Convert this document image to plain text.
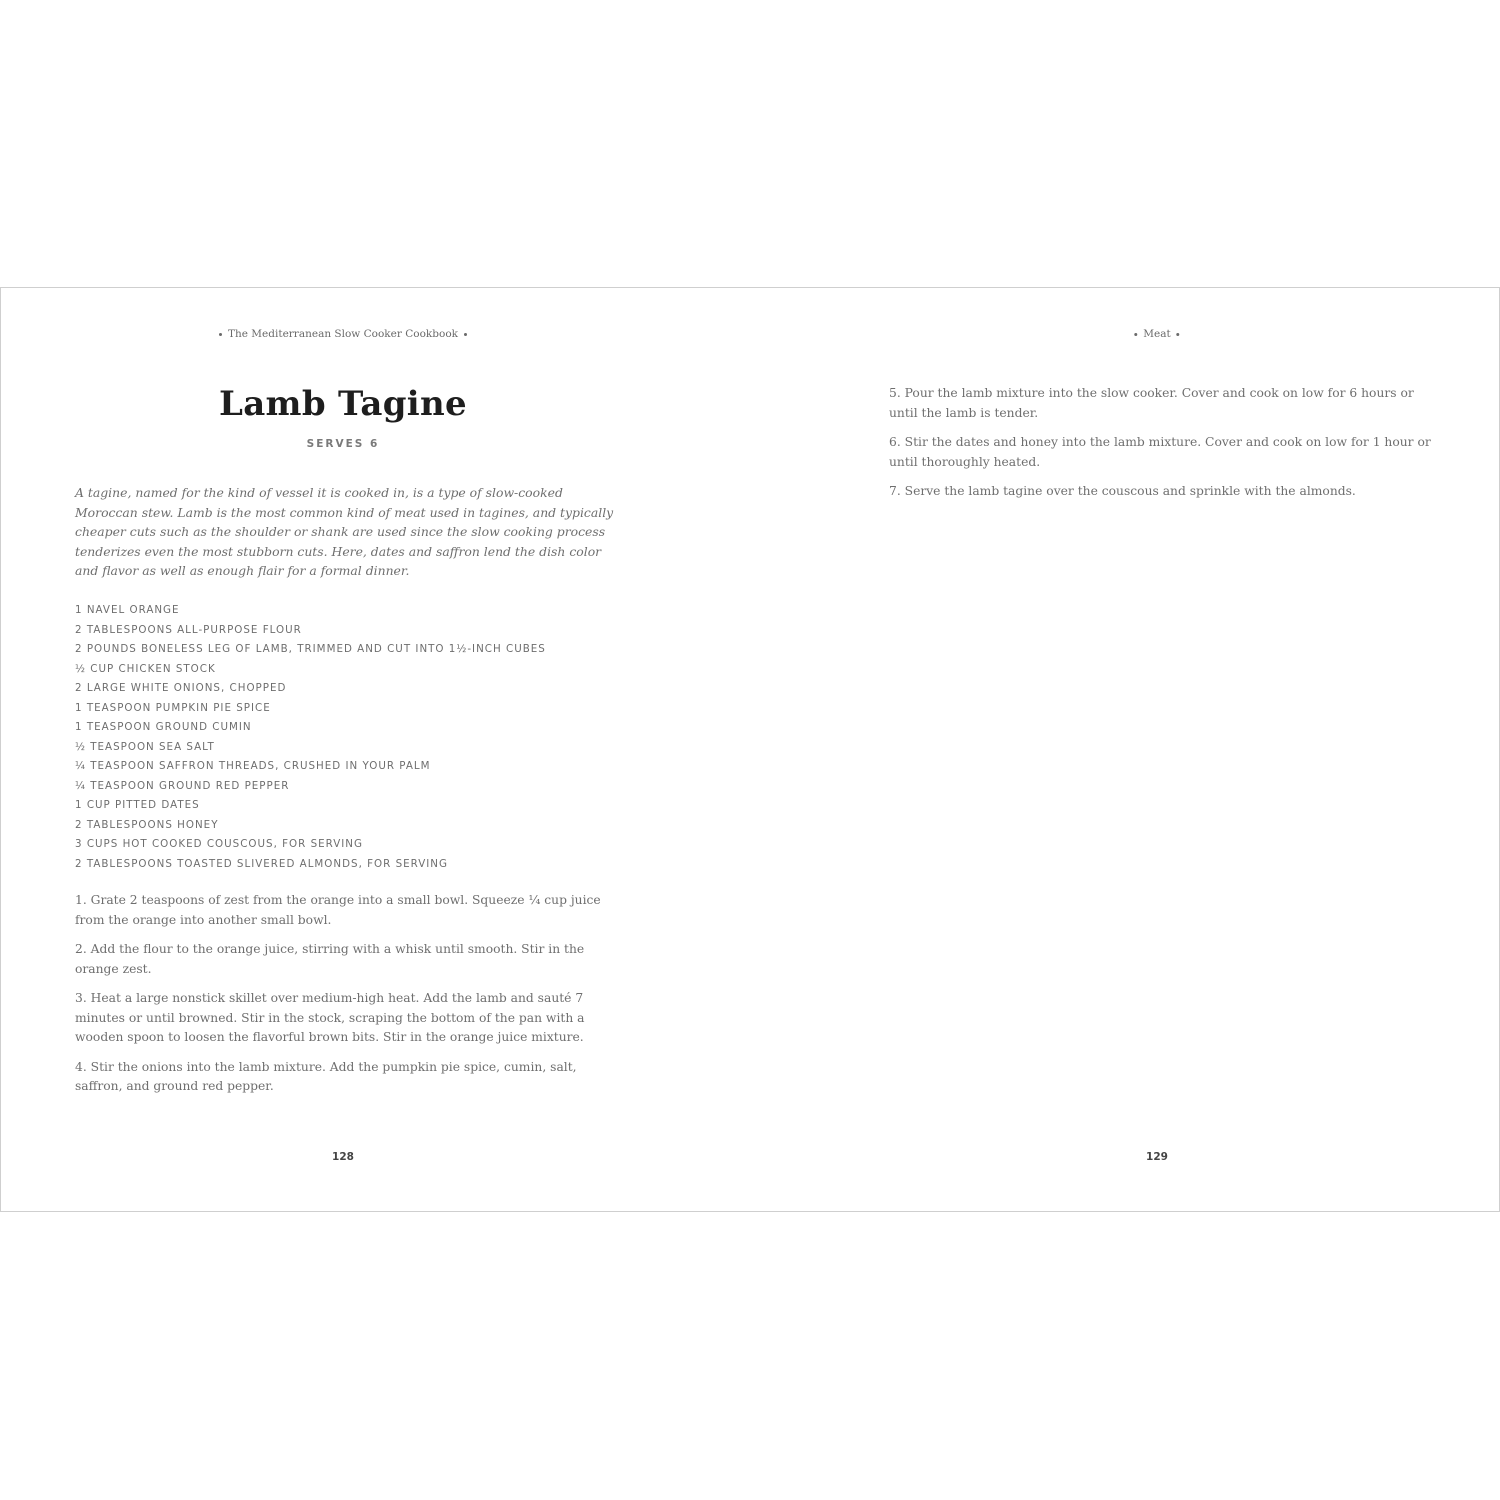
The Mediterranean Slow Cooker Cookbook
Lamb Tagine
SERVES 6

A tagine, named for the kind of vessel it is cooked in, is a type of slow-cooked Moroccan stew. Lamb is the most common kind of meat used in tagines, and typically cheaper cuts such as the shoulder or shank are used since the slow cooking process tenderizes even the most stubborn cuts. Here, dates and saffron lend the dish color and flavor as well as enough flair for a formal dinner.

1 NAVEL ORANGE
2 TABLESPOONS ALL-PURPOSE FLOUR
2 POUNDS BONELESS LEG OF LAMB, TRIMMED AND CUT INTO 1½-INCH CUBES
½ CUP CHICKEN STOCK
2 LARGE WHITE ONIONS, CHOPPED
1 TEASPOON PUMPKIN PIE SPICE
1 TEASPOON GROUND CUMIN
½ TEASPOON SEA SALT
¼ TEASPOON SAFFRON THREADS, CRUSHED IN YOUR PALM
¼ TEASPOON GROUND RED PEPPER
1 CUP PITTED DATES
2 TABLESPOONS HONEY
3 CUPS HOT COOKED COUSCOUS, FOR SERVING
2 TABLESPOONS TOASTED SLIVERED ALMONDS, FOR SERVING
1. Grate 2 teaspoons of zest from the orange into a small bowl. Squeeze ¼ cup juice from the orange into another small bowl.
2. Add the flour to the orange juice, stirring with a whisk until smooth. Stir in the orange zest.
3. Heat a large nonstick skillet over medium-high heat. Add the lamb and sauté 7 minutes or until browned. Stir in the stock, scraping the bottom of the pan with a wooden spoon to loosen the flavorful brown bits. Stir in the orange juice mixture.
4. Stir the onions into the lamb mixture. Add the pumpkin pie spice, cumin, salt, saffron, and ground red pepper.
128
Meat
5. Pour the lamb mixture into the slow cooker. Cover and cook on low for 6 hours or until the lamb is tender.
6. Stir the dates and honey into the lamb mixture. Cover and cook on low for 1 hour or until thoroughly heated.
7. Serve the lamb tagine over the couscous and sprinkle with the almonds.
129
